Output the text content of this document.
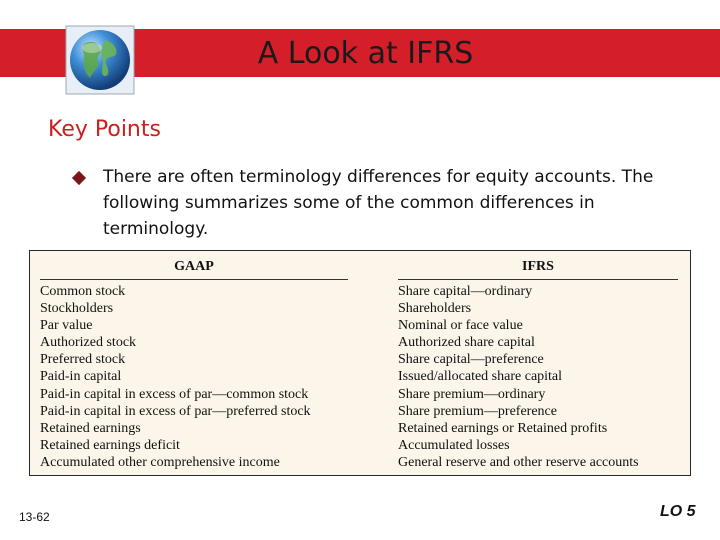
A Look at IFRS
Key Points
There are often terminology differences for equity accounts. The following summarizes some of the common differences in terminology.
GAAP
Common stock
Stockholders
Par value
Authorized stock
Preferred stock
Paid-in capital
Paid-in capital in excess of par—common stock
Paid-in capital in excess of par—preferred stock
Retained earnings
Retained earnings deficit
Accumulated other comprehensive income
IFRS
Share capital—ordinary
Shareholders
Nominal or face value
Authorized share capital
Share capital—preference
Issued/allocated share capital
Share premium—ordinary
Share premium—preference
Retained earnings or Retained profits
Accumulated losses
General reserve and other reserve accounts
13-62	LO 5
